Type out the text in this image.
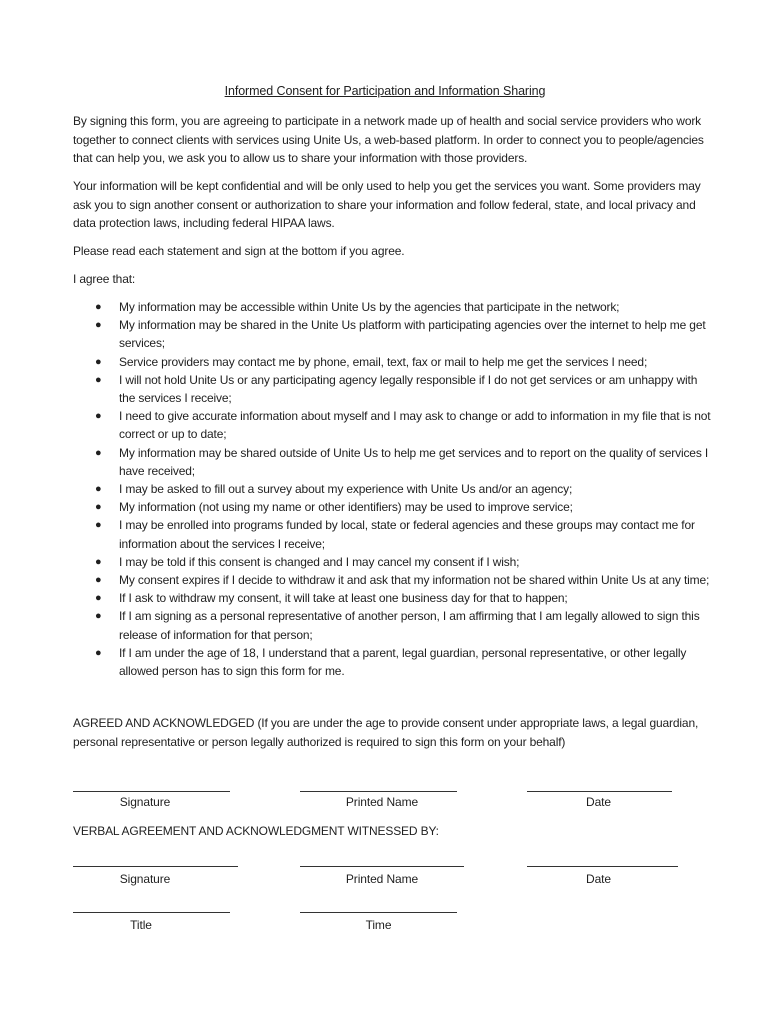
Informed Consent for Participation and Information Sharing
By signing this form, you are agreeing to participate in a network made up of health and social service providers who work together to connect clients with services using Unite Us, a web-based platform. In order to connect you to people/agencies that can help you, we ask you to allow us to share your information with those providers.
Your information will be kept confidential and will be only used to help you get the services you want. Some providers may ask you to sign another consent or authorization to share your information and follow federal, state, and local privacy and data protection laws, including federal HIPAA laws.
Please read each statement and sign at the bottom if you agree.
I agree that:
● My information may be accessible within Unite Us by the agencies that participate in the network;
● My information may be shared in the Unite Us platform with participating agencies over the internet to help me get services;
● Service providers may contact me by phone, email, text, fax or mail to help me get the services I need;
● I will not hold Unite Us or any participating agency legally responsible if I do not get services or am unhappy with the services I receive;
● I need to give accurate information about myself and I may ask to change or add to information in my file that is not correct or up to date;
● My information may be shared outside of Unite Us to help me get services and to report on the quality of services I have received;
● I may be asked to fill out a survey about my experience with Unite Us and/or an agency;
● My information (not using my name or other identifiers) may be used to improve service;
● I may be enrolled into programs funded by local, state or federal agencies and these groups may contact me for information about the services I receive;
● I may be told if this consent is changed and I may cancel my consent if I wish;
● My consent expires if I decide to withdraw it and ask that my information not be shared within Unite Us at any time;
● If I ask to withdraw my consent, it will take at least one business day for that to happen;
● If I am signing as a personal representative of another person, I am affirming that I am legally allowed to sign this release of information for that person;
● If I am under the age of 18, I understand that a parent, legal guardian, personal representative, or other legally allowed person has to sign this form for me.
AGREED AND ACKNOWLEDGED (If you are under the age to provide consent under appropriate laws, a legal guardian, personal representative or person legally authorized is required to sign this form on your behalf)
Signature	Printed Name	Date
VERBAL AGREEMENT AND ACKNOWLEDGMENT WITNESSED BY:
Signature	Printed Name	Date
Title	Time
